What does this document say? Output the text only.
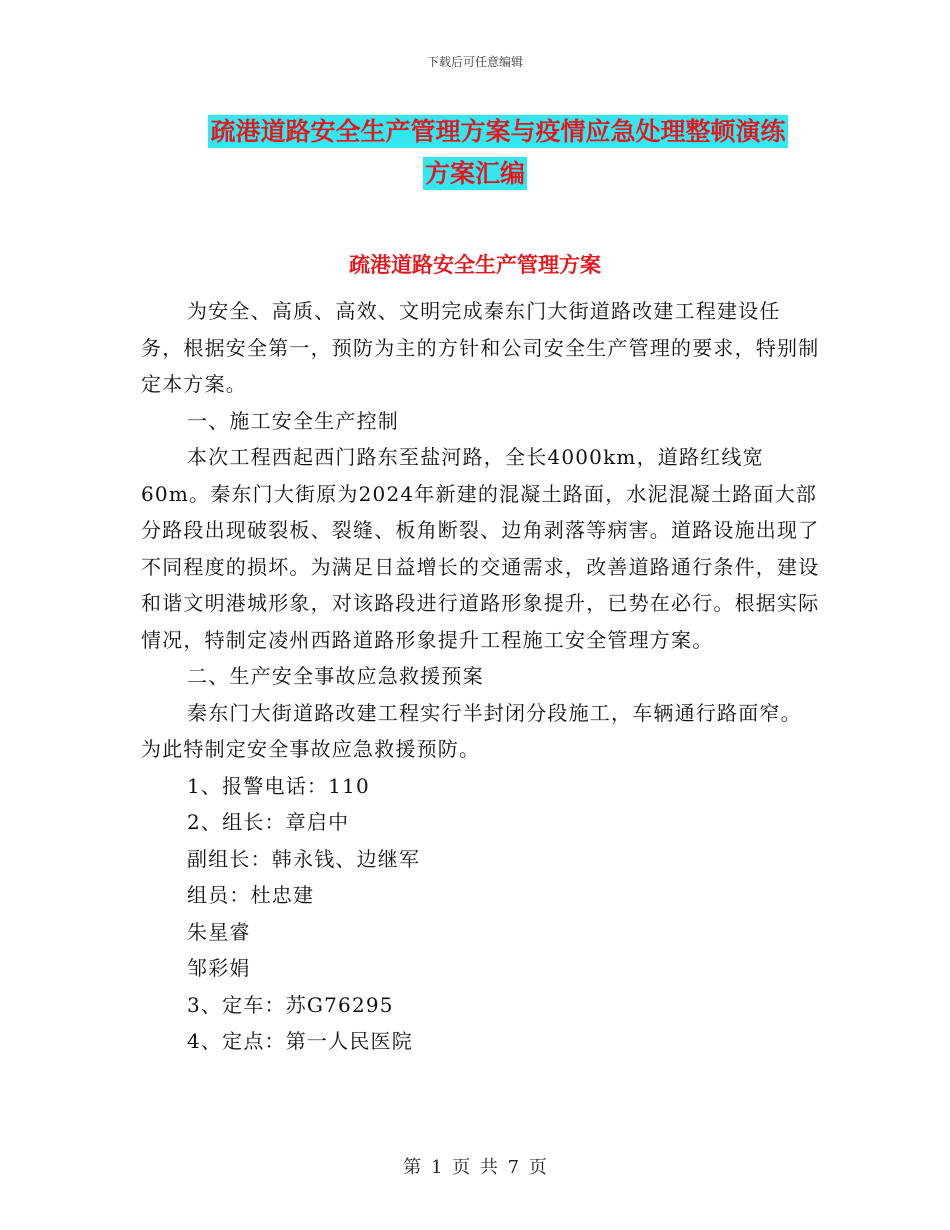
下载后可任意编辑
疏港道路安全生产管理方案与疫情应急处理整顿演练
方案汇编
疏港道路安全生产管理方案

为安全、高质、高效、文明完成秦东门大街道路改建工程建设任务，根据安全第一，预防为主的方针和公司安全生产管理的要求，特别制定本方案。

一、施工安全生产控制

本次工程西起西门路东至盐河路，全长4000km，道路红线宽60m。秦东门大街原为2024年新建的混凝土路面，水泥混凝土路面大部分路段出现破裂板、裂缝、板角断裂、边角剥落等病害。道路设施出现了不同程度的损坏。为满足日益增长的交通需求，改善道路通行条件，建设和谐文明港城形象，对该路段进行道路形象提升，已势在必行。根据实际情况，特制定凌州西路道路形象提升工程施工安全管理方案。

二、生产安全事故应急救援预案

秦东门大街道路改建工程实行半封闭分段施工，车辆通行路面窄。为此特制定安全事故应急救援预防。

1、报警电话：110

2、组长：章启中

副组长：韩永钱、边继军

组员：杜忠建

朱星睿

邹彩娟

3、定车：苏G76295

4、定点：第一人民医院

第 1 页 共 7 页
